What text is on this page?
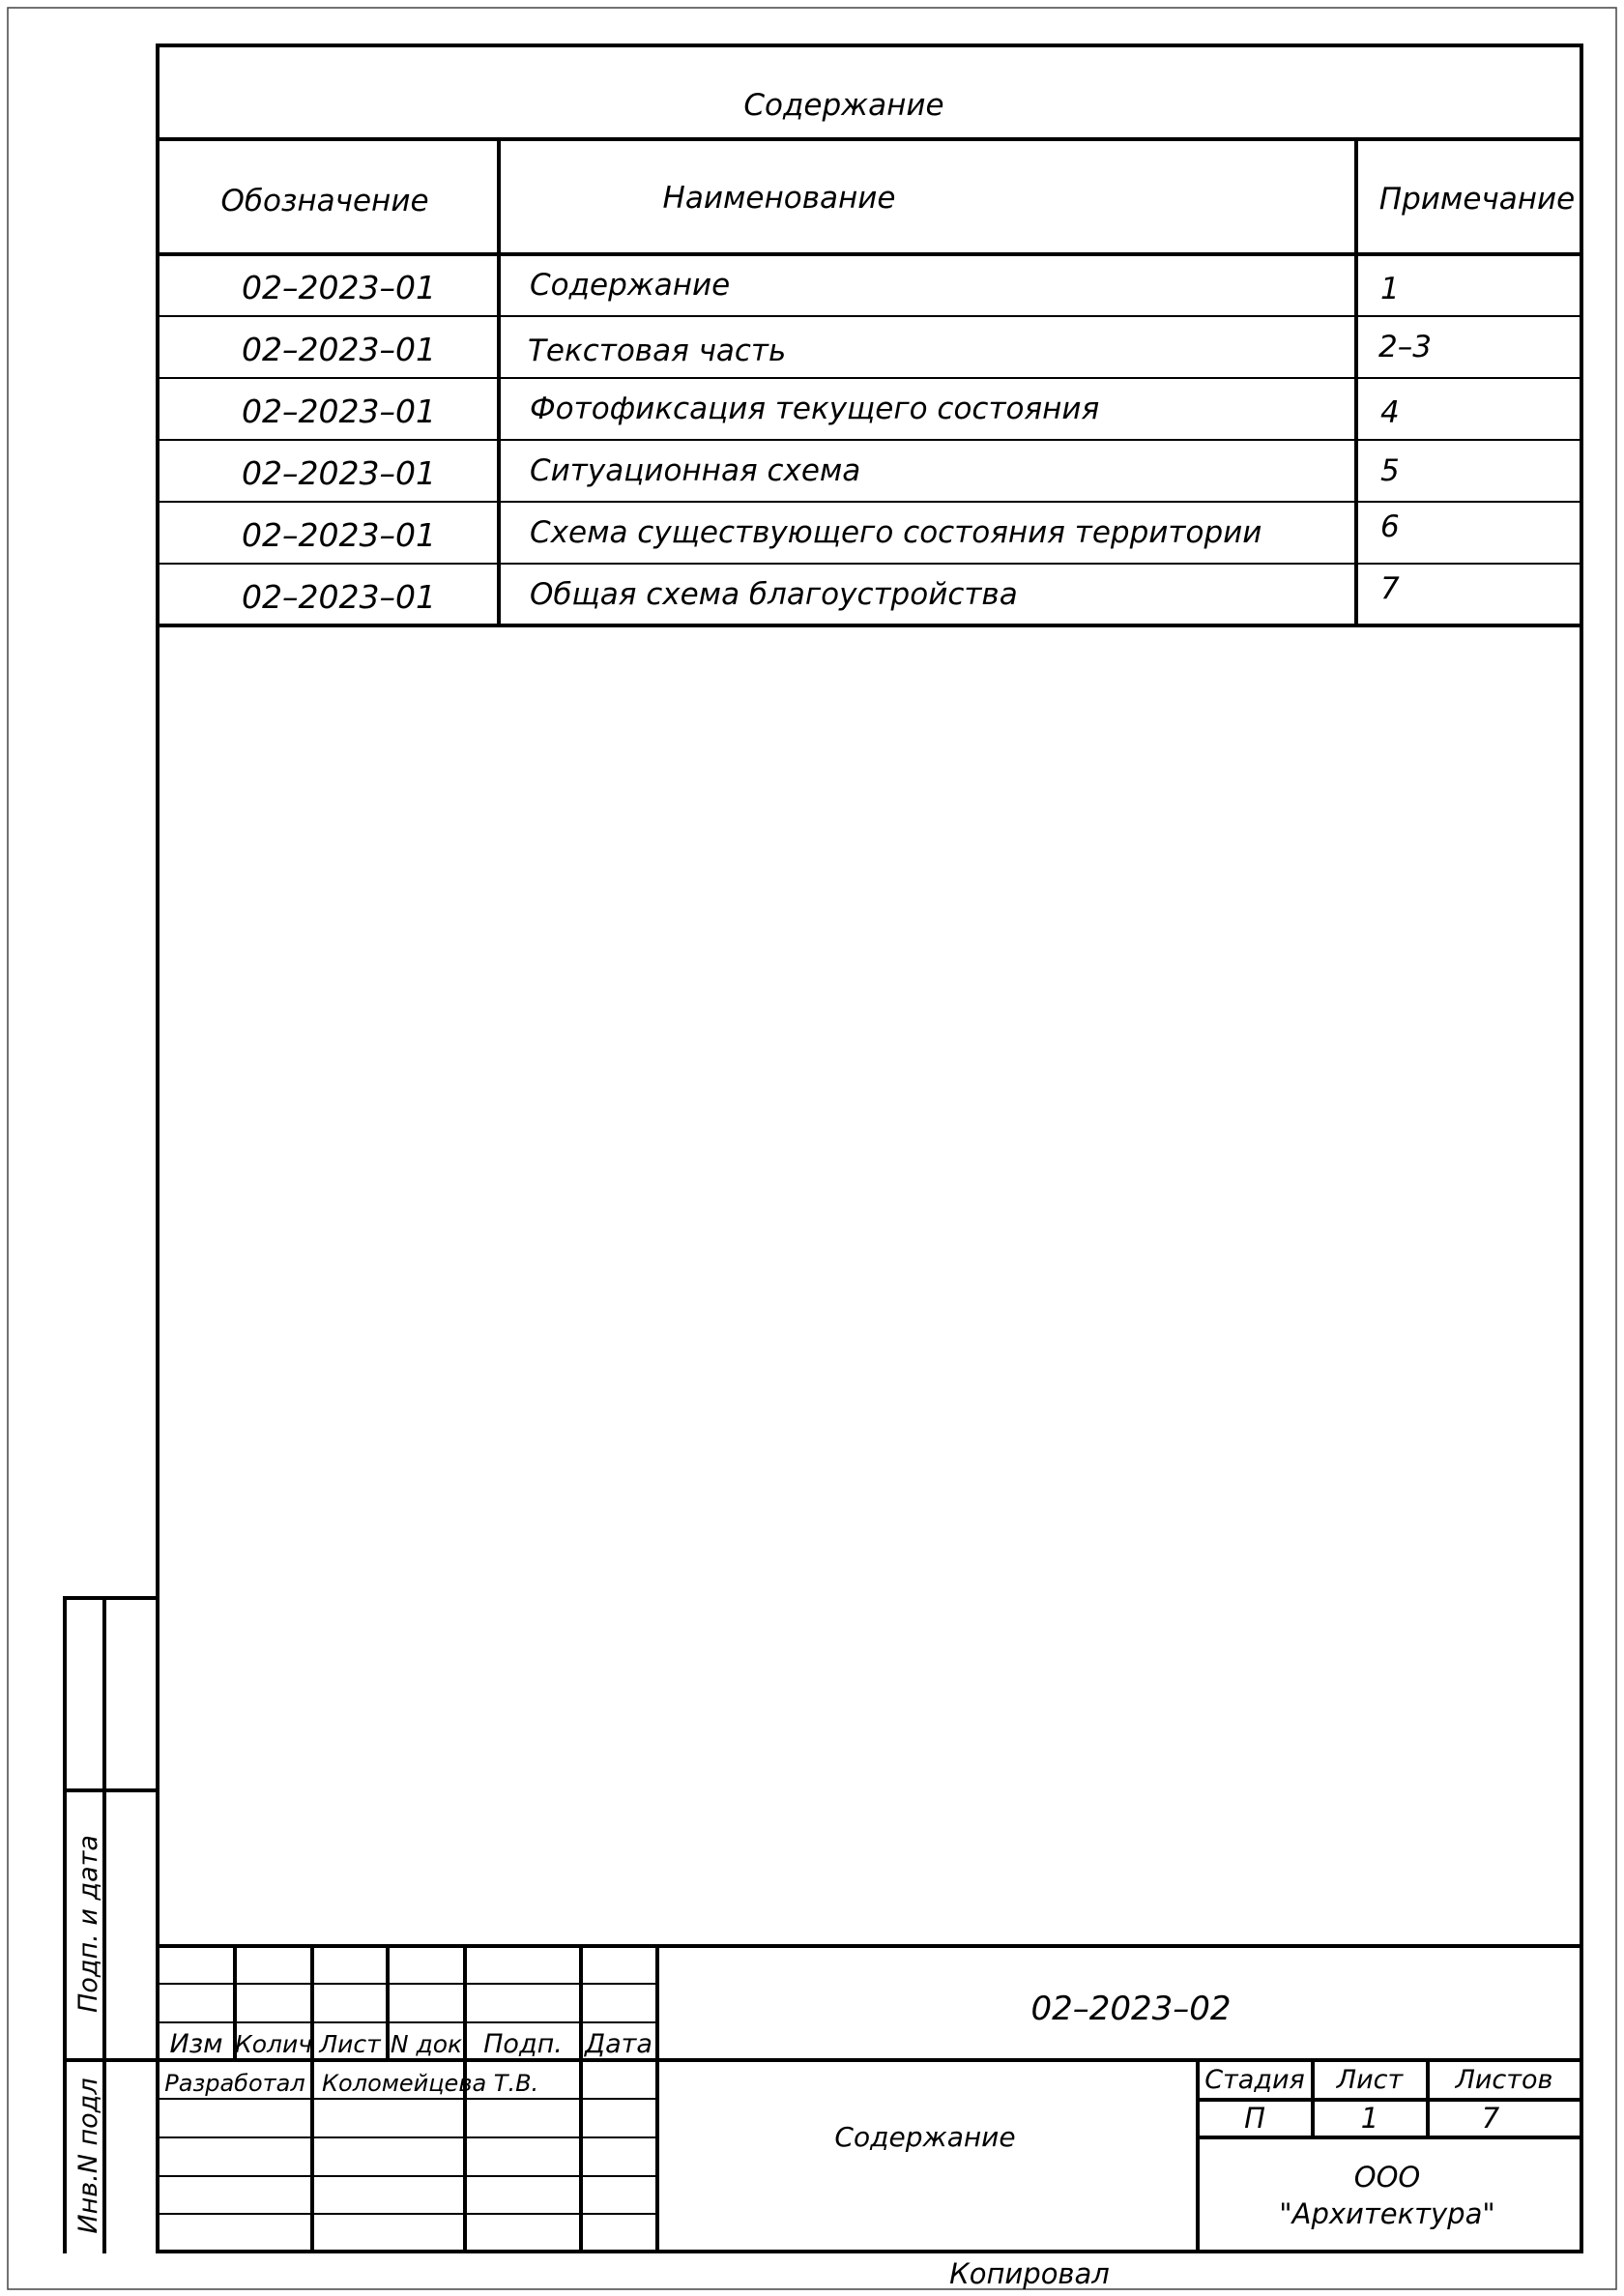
Содержание
Обозначение	Наименование	Примечание
02–2023–01	Содержание	1
02–2023–01	Текстовая часть	2–3
02–2023–01	Фотофиксация текущего состояния	4
02–2023–01	Ситуационная схема	5
02–2023–01	Схема существующего состояния территории	6
02–2023–01	Общая схема благоустройства	7
Подп. и дата
Инв.N подл
Изм Колич Лист N док Подп. Дата
02–2023–02
Разработал Коломейцева Т.В.
Содержание
Стадия Лист Листов
П	1	7
ООО
"Архитектура"
Копировал
